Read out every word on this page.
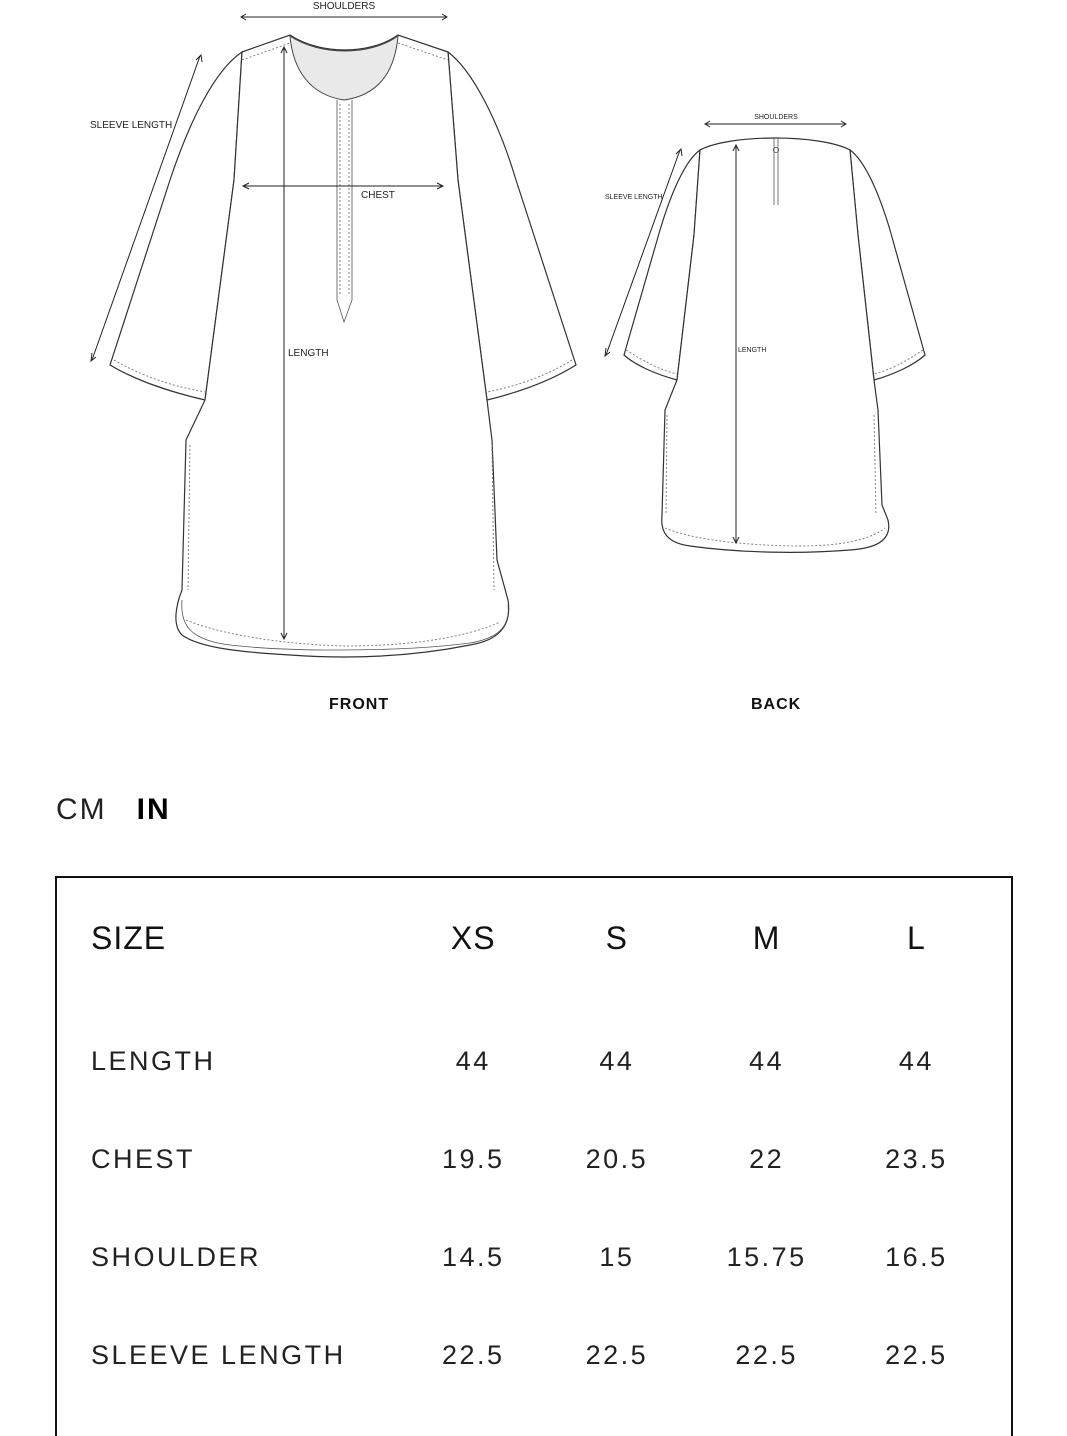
SHOULDERS
SLEEVE LENGTH
CHEST
LENGTH
SHOULDERS
SLEEVE LENGTH
LENGTH
FRONT	BACK
CM IN
SIZE	XS	S	M	L
LENGTH	44	44	44	44
CHEST	19.5	20.5	22	23.5
SHOULDER	14.5	15	15.75	16.5
SLEEVE LENGTH	22.5	22.5	22.5	22.5
